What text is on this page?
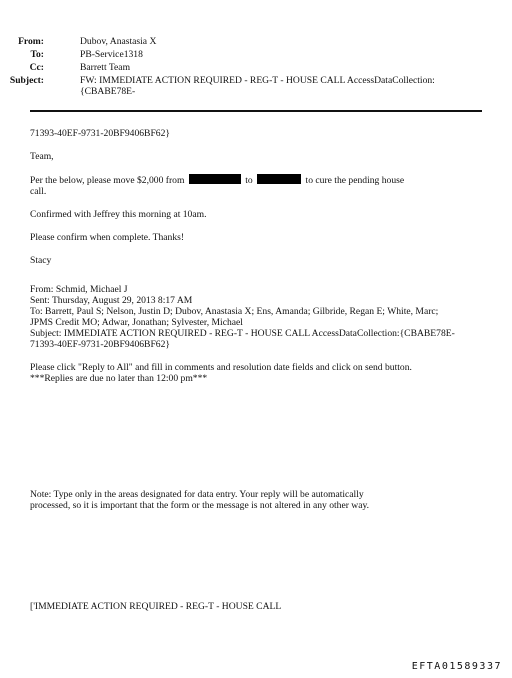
From:	Dubov, Anastasia X
To:	PB-Service1318
Cc:	Barrett Team
Subject:	FW: IMMEDIATE ACTION REQUIRED - REG-T - HOUSE CALL AccessDataCollection:
{CBABE78E-
71393-40EF-9731-20BF9406BF62}
Team,
Per the below, please move $2,000 from	to	to cure the pending house
call.
Confirmed with Jeffrey this morning at 10am.
Please confirm when complete. Thanks!
Stacy
From: Schmid, Michael J
Sent: Thursday, August 29, 2013 8:17 AM
To: Barrett, Paul S; Nelson, Justin D; Dubov, Anastasia X; Ens, Amanda; Gilbride, Regan E; White, Marc;
JPMS Credit MO; Adwar, Jonathan; Sylvester, Michael
Subject: IMMEDIATE ACTION REQUIRED - REG-T - HOUSE CALL AccessDataCollection:{CBABE78E-
71393-40EF-9731-20BF9406BF62}
Please click "Reply to All" and fill in comments and resolution date fields and click on send button.
***Replies are due no later than 12:00 pm***
Note: Type only in the areas designated for data entry. Your reply will be automatically
processed, so it is important that the form or the message is not altered in any other way.
['IMMEDIATE ACTION REQUIRED - REG-T - HOUSE CALL
EFTA01589337
